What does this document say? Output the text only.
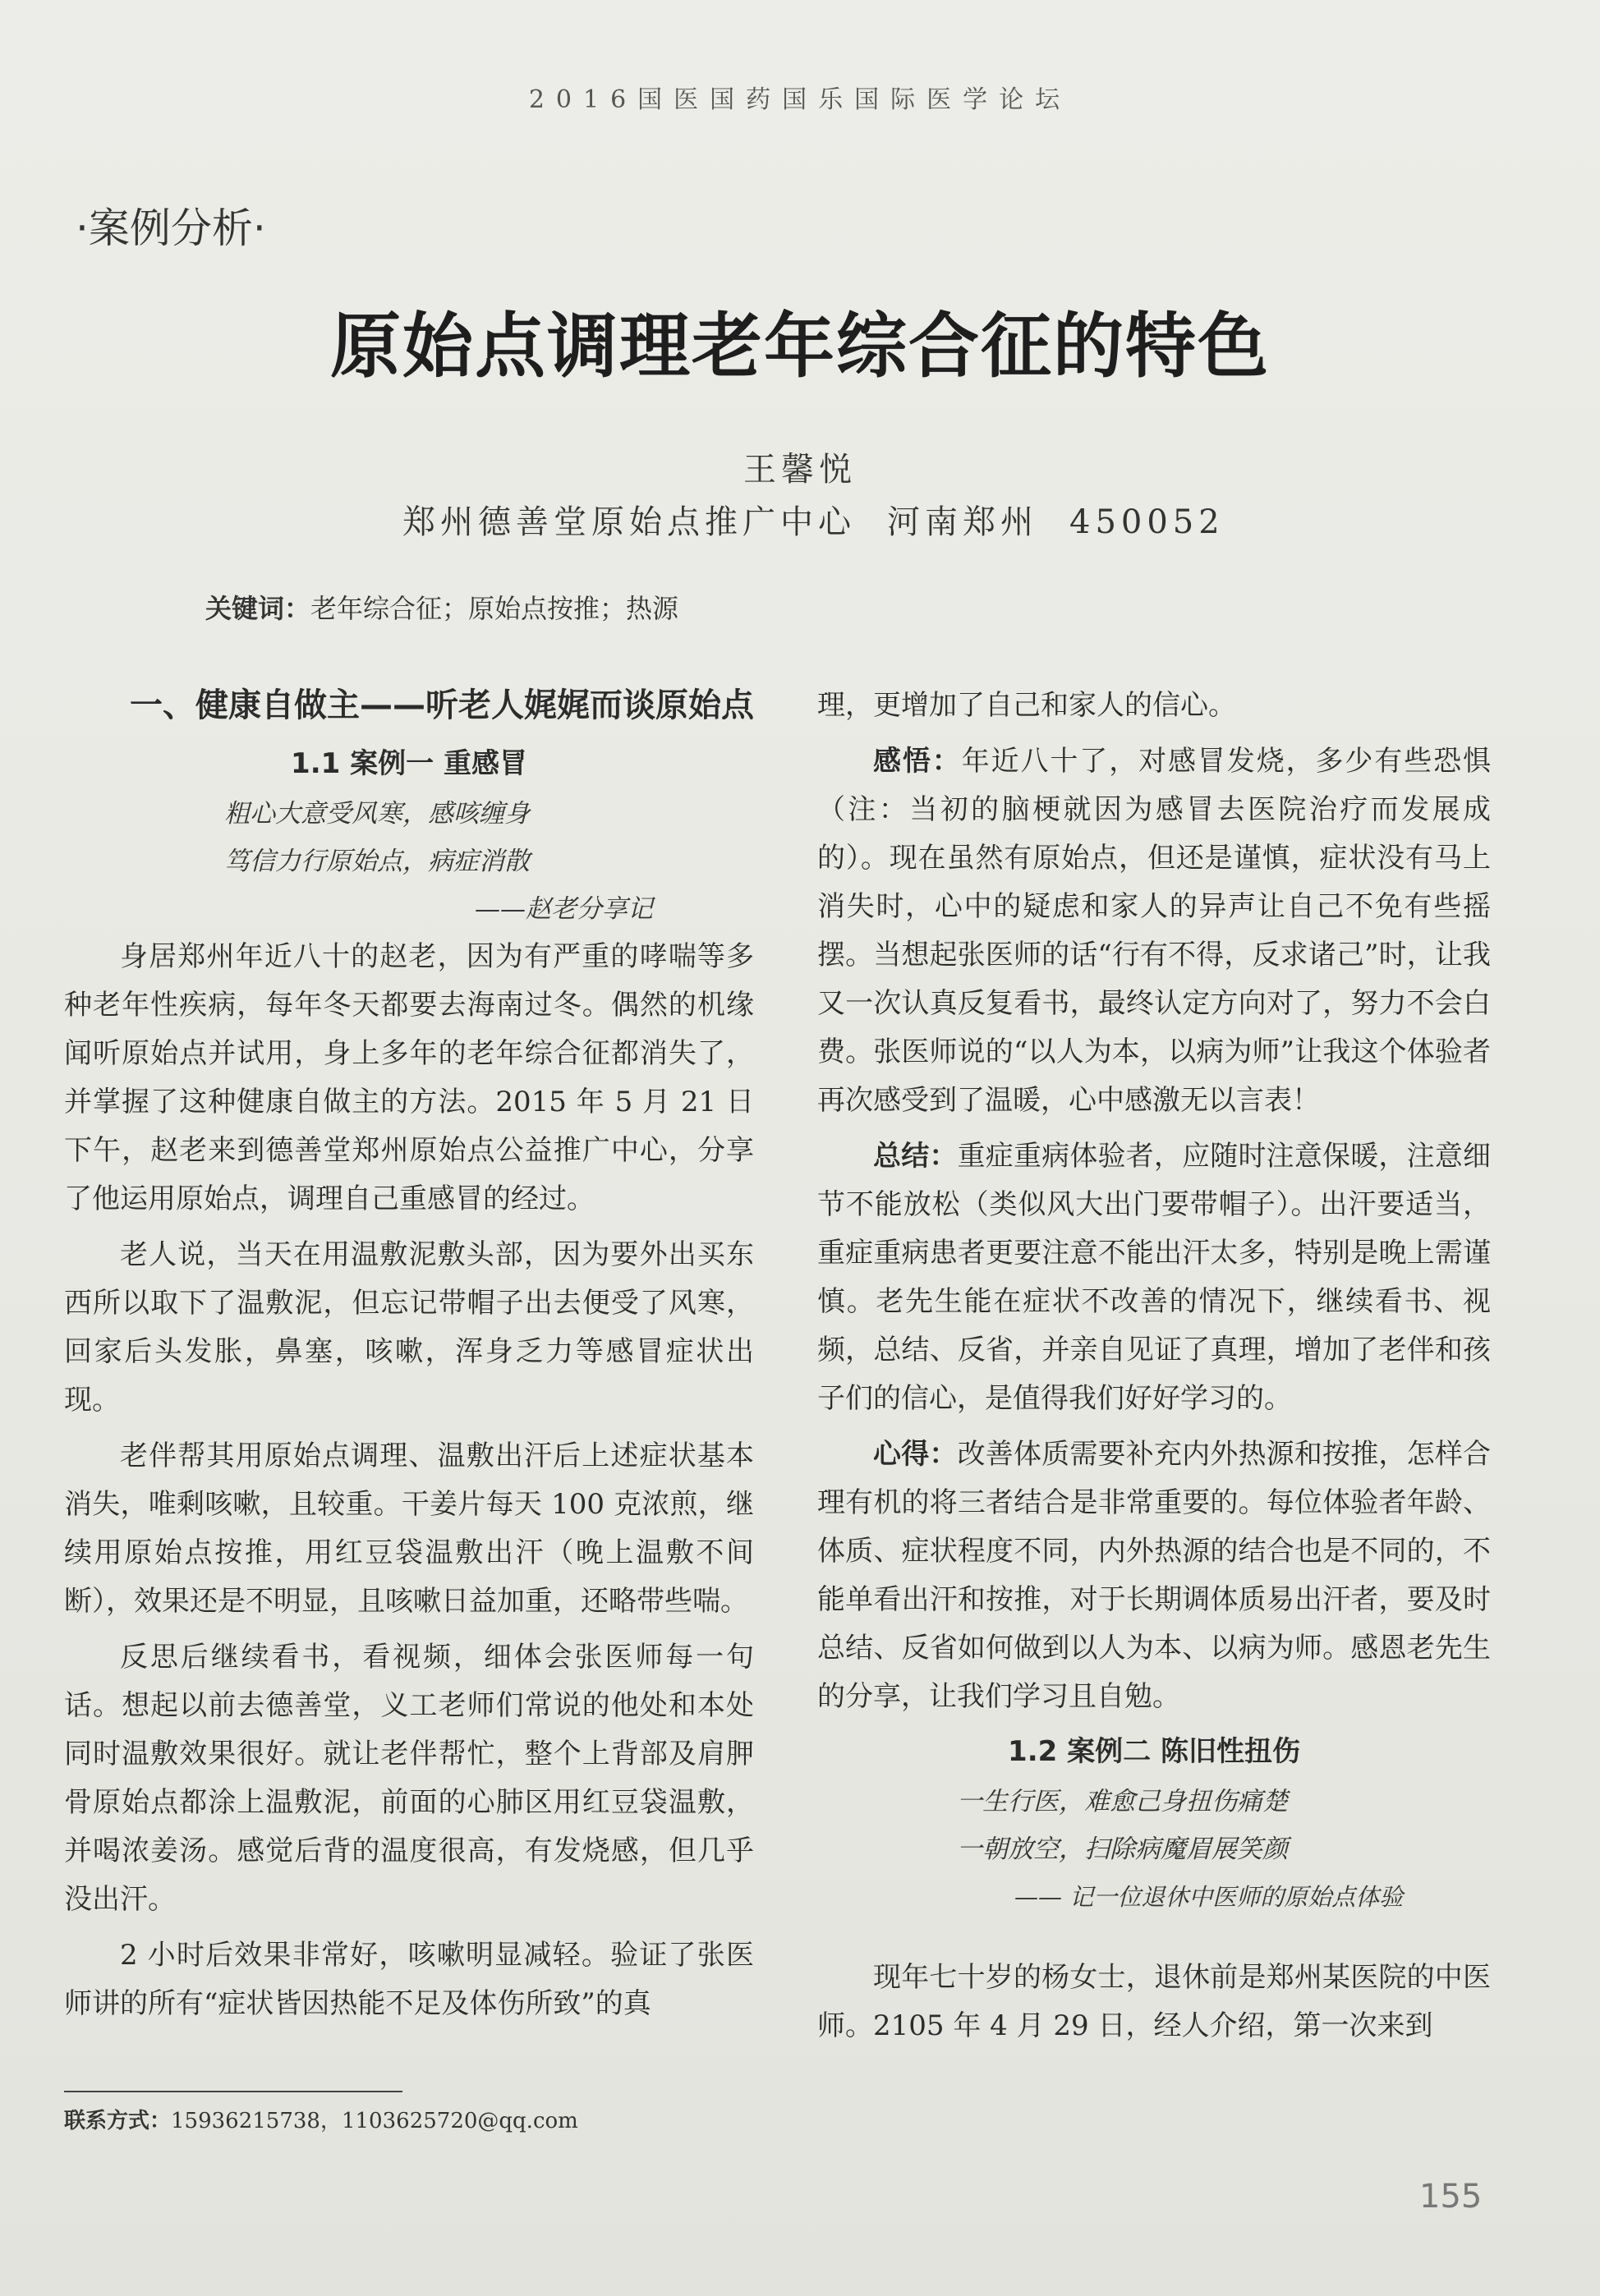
2016国医国药国乐国际医学论坛
·案例分析·
原始点调理老年综合征的特色
王馨悦
郑州德善堂原始点推广中心 河南郑州 450052
关键词：老年综合征；原始点按推；热源
一、健康自做主——听老人娓娓而谈原始点
1.1 案例一 重感冒
粗心大意受风寒，感咳缠身
笃信力行原始点，病症消散
——赵老分享记

身居郑州年近八十的赵老，因为有严重的哮喘等多种老年性疾病，每年冬天都要去海南过冬。偶然的机缘闻听原始点并试用，身上多年的老年综合征都消失了，并掌握了这种健康自做主的方法。2015 年 5 月 21 日下午，赵老来到德善堂郑州原始点公益推广中心，分享了他运用原始点，调理自己重感冒的经过。

老人说，当天在用温敷泥敷头部，因为要外出买东西所以取下了温敷泥，但忘记带帽子出去便受了风寒，回家后头发胀，鼻塞，咳嗽，浑身乏力等感冒症状出现。

老伴帮其用原始点调理、温敷出汗后上述症状基本消失，唯剩咳嗽，且较重。干姜片每天 100 克浓煎，继续用原始点按推，用红豆袋温敷出汗（晚上温敷不间断），效果还是不明显，且咳嗽日益加重，还略带些喘。

反思后继续看书，看视频，细体会张医师每一句话。想起以前去德善堂，义工老师们常说的他处和本处同时温敷效果很好。就让老伴帮忙，整个上背部及肩胛骨原始点都涂上温敷泥，前面的心肺区用红豆袋温敷，并喝浓姜汤。感觉后背的温度很高，有发烧感，但几乎没出汗。

2 小时后效果非常好，咳嗽明显减轻。验证了张医师讲的所有“症状皆因热能不足及体伤所致”的真

理，更增加了自己和家人的信心。

感悟：年近八十了，对感冒发烧，多少有些恐惧（注：当初的脑梗就因为感冒去医院治疗而发展成的）。现在虽然有原始点，但还是谨慎，症状没有马上消失时，心中的疑虑和家人的异声让自己不免有些摇摆。当想起张医师的话“行有不得，反求诸己”时，让我又一次认真反复看书，最终认定方向对了，努力不会白费。张医师说的“以人为本，以病为师”让我这个体验者再次感受到了温暖，心中感激无以言表！

总结：重症重病体验者，应随时注意保暖，注意细节不能放松（类似风大出门要带帽子）。出汗要适当，重症重病患者更要注意不能出汗太多，特别是晚上需谨慎。老先生能在症状不改善的情况下，继续看书、视频，总结、反省，并亲自见证了真理，增加了老伴和孩子们的信心，是值得我们好好学习的。

心得：改善体质需要补充内外热源和按推，怎样合理有机的将三者结合是非常重要的。每位体验者年龄、体质、症状程度不同，内外热源的结合也是不同的，不能单看出汗和按推，对于长期调体质易出汗者，要及时总结、反省如何做到以人为本、以病为师。感恩老先生的分享，让我们学习且自勉。

1.2 案例二 陈旧性扭伤
一生行医，难愈己身扭伤痛楚
一朝放空，扫除病魔眉展笑颜
—— 记一位退休中医师的原始点体验

现年七十岁的杨女士，退休前是郑州某医院的中医师。2105 年 4 月 29 日，经人介绍，第一次来到

联系方式：15936215738，1103625720@qq.com
155
